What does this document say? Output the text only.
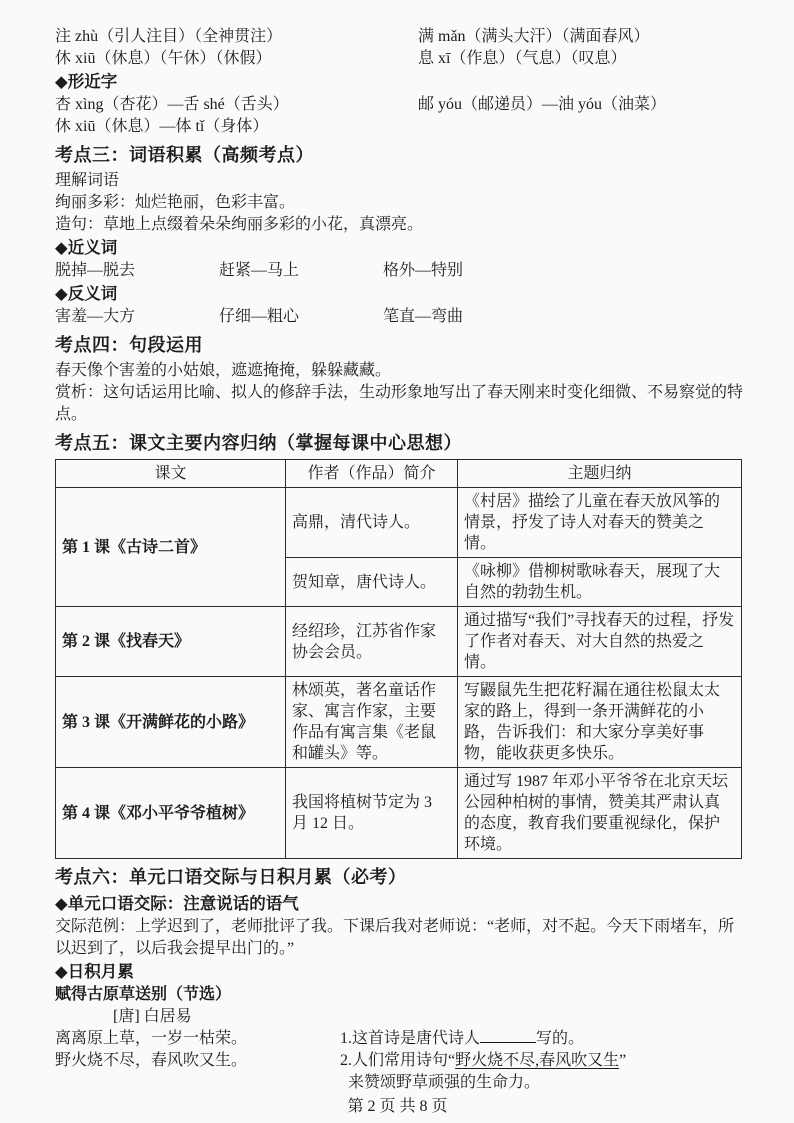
注 zhù（引人注目）（全神贯注）	满 mǎn（满头大汗）（满面春风）
休 xiū（休息）（午休）（休假）	息 xī（作息）（气息）（叹息）
◆形近字
杏 xìng（杏花）—舌 shé（舌头）	邮 yóu（邮递员）—油 yóu（油菜）
休 xiū（休息）—体 tǐ（身体）
考点三：词语积累（高频考点）
理解词语
绚丽多彩：灿烂艳丽，色彩丰富。
造句：草地上点缀着朵朵绚丽多彩的小花，真漂亮。
◆近义词
脱掉—脱去	赶紧—马上	格外—特别
◆反义词
害羞—大方	仔细—粗心	笔直—弯曲
考点四：句段运用
春天像个害羞的小姑娘，遮遮掩掩，躲躲藏藏。
赏析：这句话运用比喻、拟人的修辞手法，生动形象地写出了春天刚来时变化细微、不易察觉的特点。
考点五：课文主要内容归纳（掌握每课中心思想）
课文	作者（作品）简介	主题归纳
第 1 课《古诗二首》	高鼎，清代诗人。	《村居》描绘了儿童在春天放风筝的情景，抒发了诗人对春天的赞美之情。
	贺知章，唐代诗人。	《咏柳》借柳树歌咏春天，展现了大自然的勃勃生机。
第 2 课《找春天》	经绍珍，江苏省作家协会会员。	通过描写“我们”寻找春天的过程，抒发了作者对春天、对大自然的热爱之情。
第 3 课《开满鲜花的小路》	林颂英，著名童话作家、寓言作家，主要作品有寓言集《老鼠和罐头》等。	写鼹鼠先生把花籽漏在通往松鼠太太家的路上，得到一条开满鲜花的小路，告诉我们：和大家分享美好事物，能收获更多快乐。
第 4 课《邓小平爷爷植树》	我国将植树节定为 3 月 12 日。	通过写 1987 年邓小平爷爷在北京天坛公园种柏树的事情，赞美其严肃认真的态度，教育我们要重视绿化，保护环境。
考点六：单元口语交际与日积月累（必考）
◆单元口语交际：注意说话的语气
交际范例：上学迟到了，老师批评了我。下课后我对老师说：“老师，对不起。今天下雨堵车，所以迟到了，以后我会提早出门的。”
◆日积月累
赋得古原草送别（节选）
[唐] 白居易
离离原上草，一岁一枯荣。
野火烧不尽，春风吹又生。
1.这首诗是唐代诗人	写的。
2.人们常用诗句“野火烧不尽,春风吹又生”
来赞颂野草顽强的生命力。
第 2 页 共 8 页
